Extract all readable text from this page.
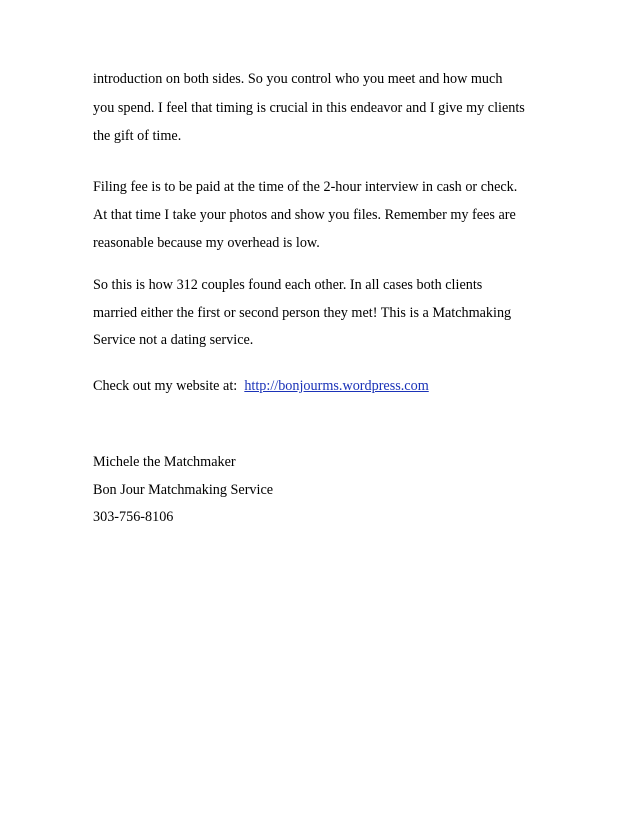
introduction on both sides. So you control who you meet and how much
you spend. I feel that timing is crucial in this endeavor and I give my clients
the gift of time.
Filing fee is to be paid at the time of the 2-hour interview in cash or check.
At that time I take your photos and show you files. Remember my fees are
reasonable because my overhead is low.
So this is how 312 couples found each other. In all cases both clients
married either the first or second person they met! This is a Matchmaking
Service not a dating service.
Check out my website at:  http://bonjourms.wordpress.com
Michele the Matchmaker
Bon Jour Matchmaking Service
303-756-8106
